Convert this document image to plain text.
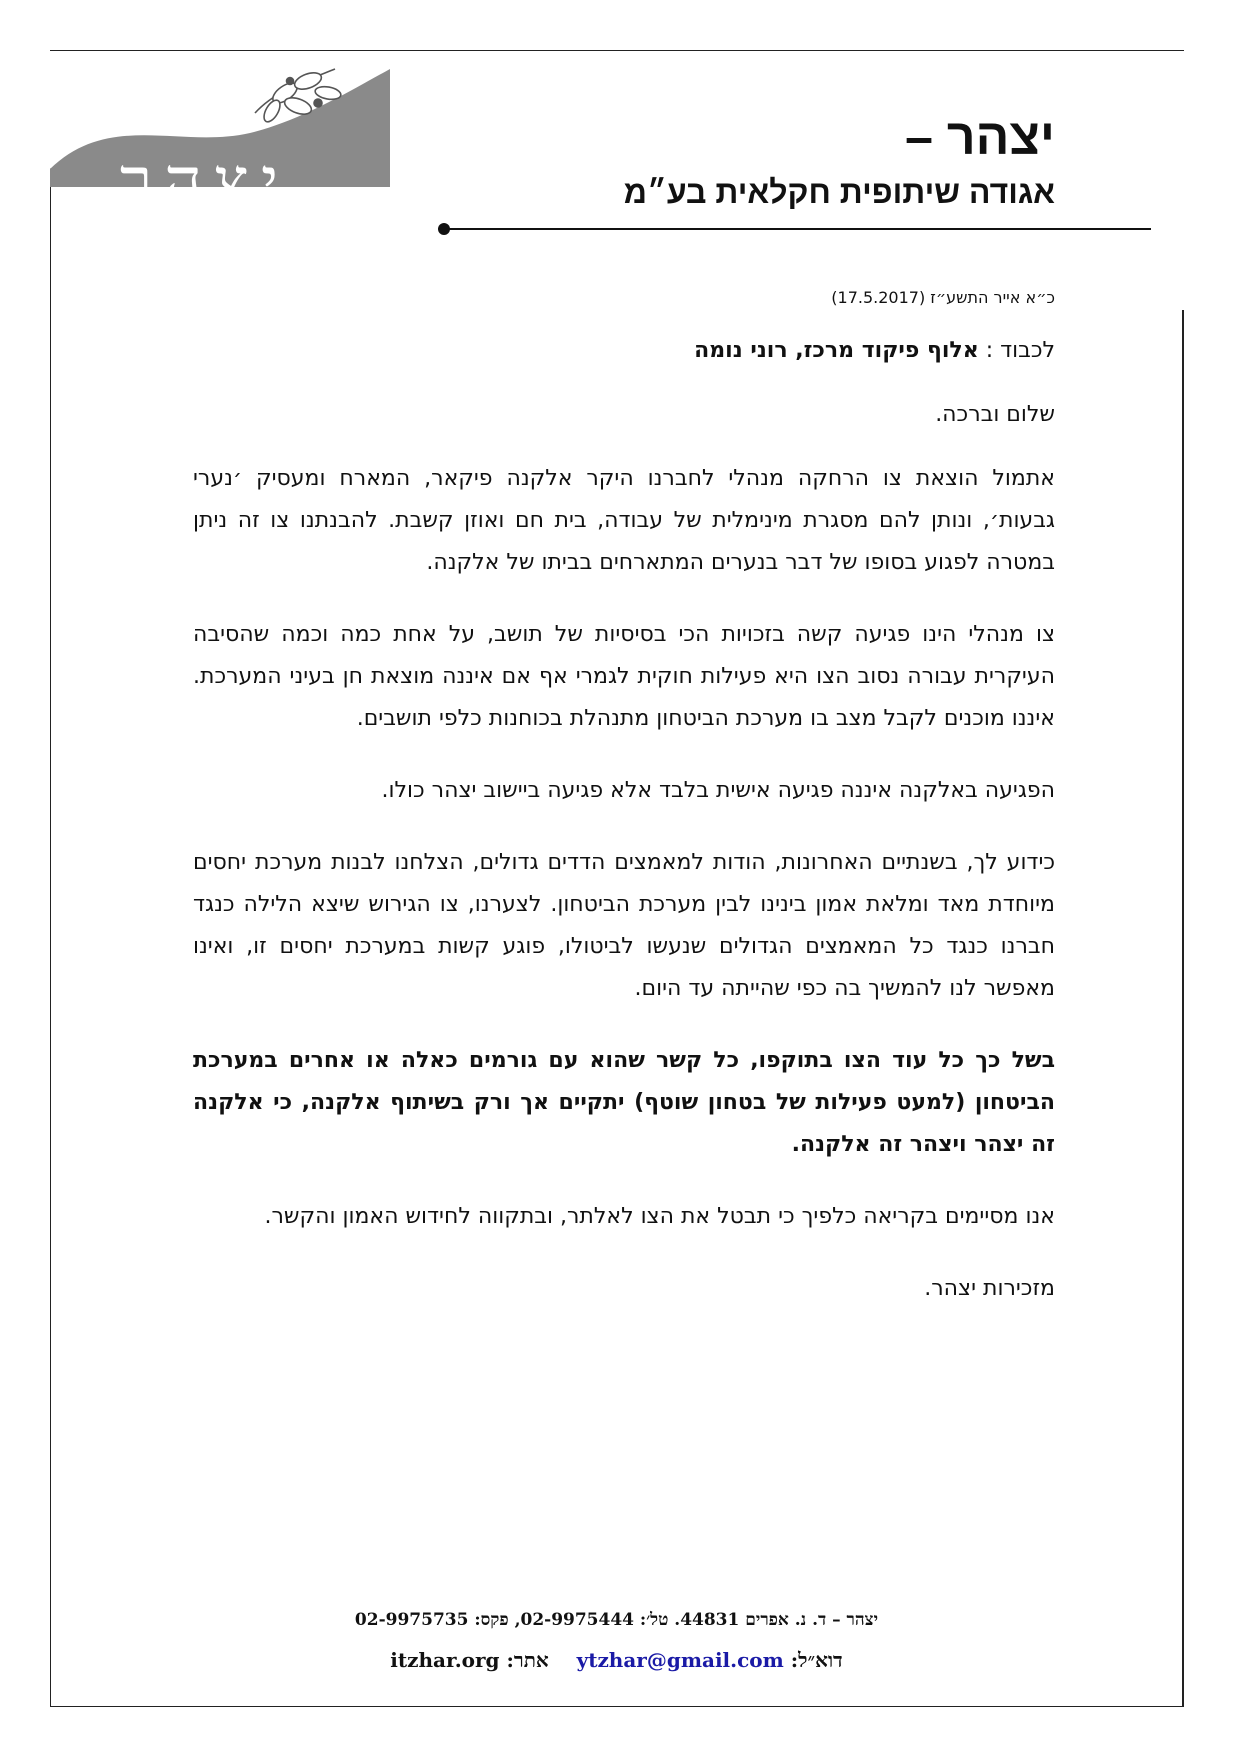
יצהר
יצהר –
אגודה שיתופית חקלאית בע״מ
כ״א אייר התשע״ז (17.5.2017)

לכבוד : אלוף פיקוד מרכז, רוני נומה

שלום וברכה.

אתמול הוצאת צו הרחקה מנהלי לחברנו היקר אלקנה פיקאר, המארח ומעסיק ׳נערי גבעות׳, ונותן להם מסגרת מינימלית של עבודה, בית חם ואוזן קשבת. להבנתנו צו זה ניתן במטרה לפגוע בסופו של דבר בנערים המתארחים בביתו של אלקנה.

צו מנהלי הינו פגיעה קשה בזכויות הכי בסיסיות של תושב, על אחת כמה וכמה שהסיבה העיקרית עבורה נסוב הצו היא פעילות חוקית לגמרי אף אם איננה מוצאת חן בעיני המערכת. איננו מוכנים לקבל מצב בו מערכת הביטחון מתנהלת בכוחנות כלפי תושבים.

הפגיעה באלקנה איננה פגיעה אישית בלבד אלא פגיעה ביישוב יצהר כולו.

כידוע לך, בשנתיים האחרונות, הודות למאמצים הדדים גדולים, הצלחנו לבנות מערכת יחסים מיוחדת מאד ומלאת אמון בינינו לבין מערכת הביטחון. לצערנו, צו הגירוש שיצא הלילה כנגד חברנו כנגד כל המאמצים הגדולים שנעשו לביטולו, פוגע קשות במערכת יחסים זו, ואינו מאפשר לנו להמשיך בה כפי שהייתה עד היום.

בשל כך כל עוד הצו בתוקפו, כל קשר שהוא עם גורמים כאלה או אחרים במערכת הביטחון (למעט פעילות של בטחון שוטף) יתקיים אך ורק בשיתוף אלקנה, כי אלקנה זה יצהר ויצהר זה אלקנה.

אנו מסיימים בקריאה כלפיך כי תבטל את הצו לאלתר, ובתקווה לחידוש האמון והקשר.

מזכירות יצהר.

יצהר – ד. נ. אפרים 44831. טל׳: 02-9975444, פקס: 02-9975735
דוא״ל: ytzhar@gmail.com    אתר: itzhar.org
